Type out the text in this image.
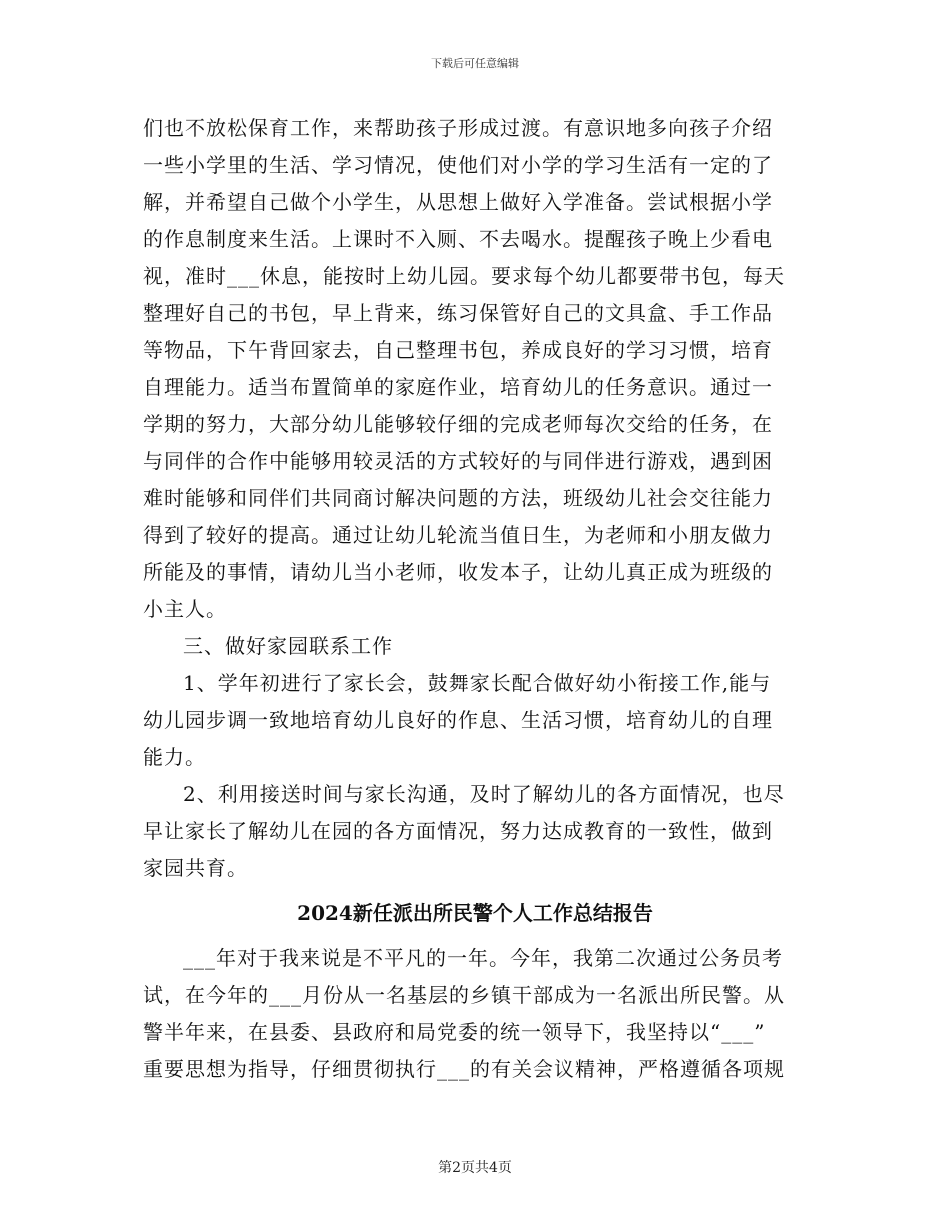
下载后可任意编辑
们也不放松保育工作，来帮助孩子形成过渡。有意识地多向孩子介绍
一些小学里的生活、学习情况，使他们对小学的学习生活有一定的了
解，并希望自己做个小学生，从思想上做好入学准备。尝试根据小学
的作息制度来生活。上课时不入厕、不去喝水。提醒孩子晚上少看电
视，准时___休息，能按时上幼儿园。要求每个幼儿都要带书包，每天
整理好自己的书包，早上背来，练习保管好自己的文具盒、手工作品
等物品，下午背回家去，自己整理书包，养成良好的学习习惯，培育
自理能力。适当布置简单的家庭作业，培育幼儿的任务意识。通过一
学期的努力，大部分幼儿能够较仔细的完成老师每次交给的任务，在
与同伴的合作中能够用较灵活的方式较好的与同伴进行游戏，遇到困
难时能够和同伴们共同商讨解决问题的方法，班级幼儿社会交往能力
得到了较好的提高。通过让幼儿轮流当值日生，为老师和小朋友做力
所能及的事情，请幼儿当小老师，收发本子，让幼儿真正成为班级的
小主人。
三、做好家园联系工作
1、学年初进行了家长会，鼓舞家长配合做好幼小衔接工作,能与
幼儿园步调一致地培育幼儿良好的作息、生活习惯，培育幼儿的自理
能力。
2、利用接送时间与家长沟通，及时了解幼儿的各方面情况，也尽
早让家长了解幼儿在园的各方面情况，努力达成教育的一致性，做到
家园共育。
2024新任派出所民警个人工作总结报告
___年对于我来说是不平凡的一年。今年，我第二次通过公务员考
试，在今年的___月份从一名基层的乡镇干部成为一名派出所民警。从
警半年来，在县委、县政府和局党委的统一领导下，我坚持以“___”
重要思想为指导，仔细贯彻执行___的有关会议精神，严格遵循各项规
第2页共4页
